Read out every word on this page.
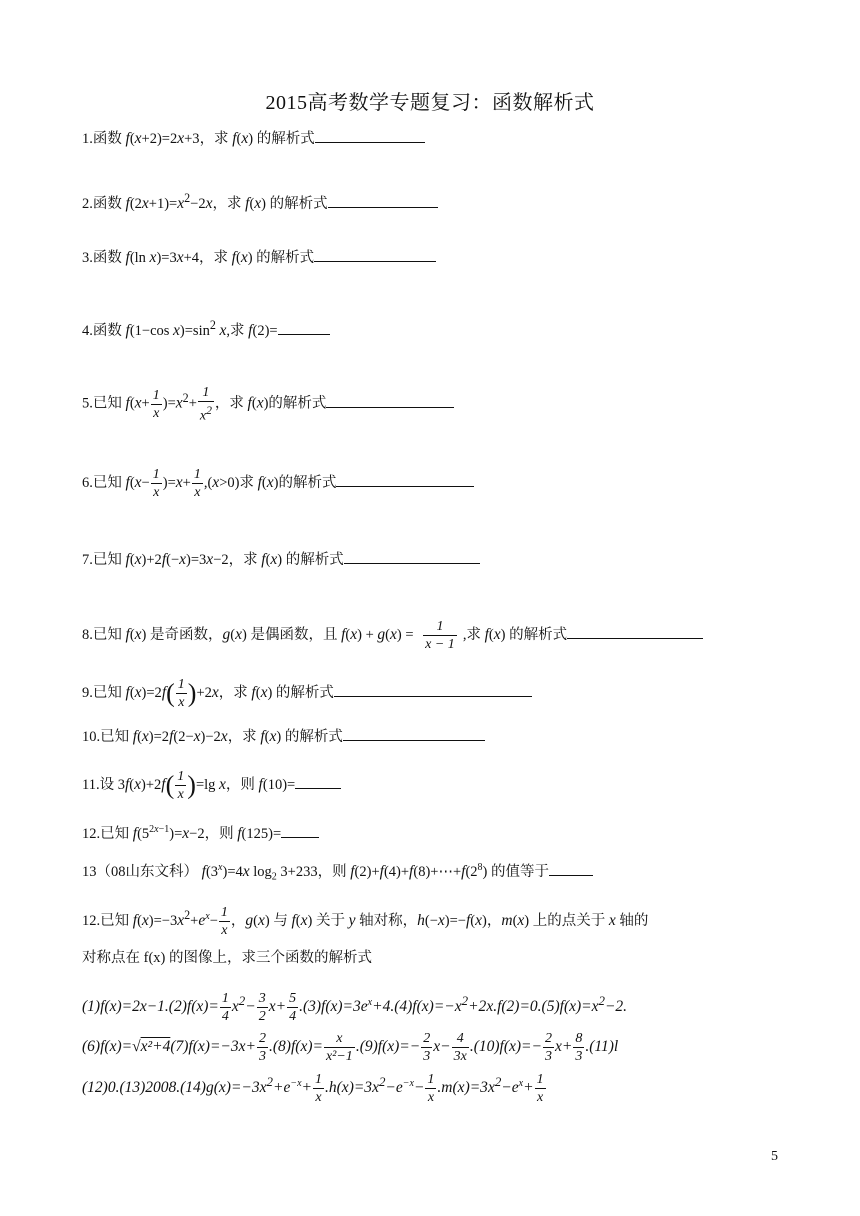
2015高考数学专题复习：函数解析式
1.函数 f(x+2)=2x+3，求 f(x) 的解析式
2.函数 $f(2x+1)=x^2-2x$，求 f(x) 的解析式
3.函数 f(ln x)=3x+4，求 f(x) 的解析式
4.函数 f(1−cos $x)=\sin^2$ x,求 f(2)=
5.已知 $f(x+ \frac{1}{x} )=x^2+ \frac{1}{x^2}$ ，求 f(x)的解析式
6.已知 $f(x- \frac{1}{x} )=x+ \frac{1}{x} ,(x>0)$求 f(x)的解析式
7.已知 f(x)+2f(−x)=3x−2，求 f(x) 的解析式
8.已知 f(x) 是奇函数，g(x) 是偶函数，且 $f(x) + g(x) = \frac{1}{x - 1}$ ,求 f(x) 的解析式
9.已知 $f(x)=2f( \frac{1}{x} )+2x$，求 f(x) 的解析式
10.已知 f(x)=2f(2−x)−2x，求 f(x) 的解析式
11.设 $3f(x)+2f( \frac{1}{x} )=\lg$ x，则 f(10)=
12.已知 $f(5^{2x-1})=x-2$，则 f(125)=
13（08山东文科） $f(3^x)=4x$ $\log_2 3+233$，则 $f(2)+f(4)+f(8)+\cdots+f(2^8)$ 的值等于
12.已知 $f(x)=-3x^2+e^x- \frac{1}{x}$ ，g(x) 与 f(x) 关于 y 轴对称，h(−x)=−f(x)，m(x) 上的点关于 x 轴的
对称点在 f(x) 的图像上，求三个函数的解析式
$(1)f(x)=2x-1.(2)f(x)= \frac{1}{4} x^2- \frac{3}{2} x+ \frac{5}{4} .(3)f(x)=3e^x+4.(4)f(x)=-x^2+2x.f(2)=0.(5)f(x)=x^2-2$.
$(6)f(x)=√x^2+4(7)f(x)=-3x+ \frac{2}{3} .(8)f(x)= \frac{x}{\text{x²−1}} .(9)f(x)=- \frac{2}{3} x- \frac{4}{3x} .(10)f(x)=- \frac{2}{3} x+ \frac{8}{3} .(11)l$
$(12)0.(13)2008.(14)g(x)=-3x^2+e^{-x}+ \frac{1}{x} .h(x)=3x^2-e^{-x}- \frac{1}{x} .m(x)=3x^2-e^x+ \frac{1}{x}$
5
